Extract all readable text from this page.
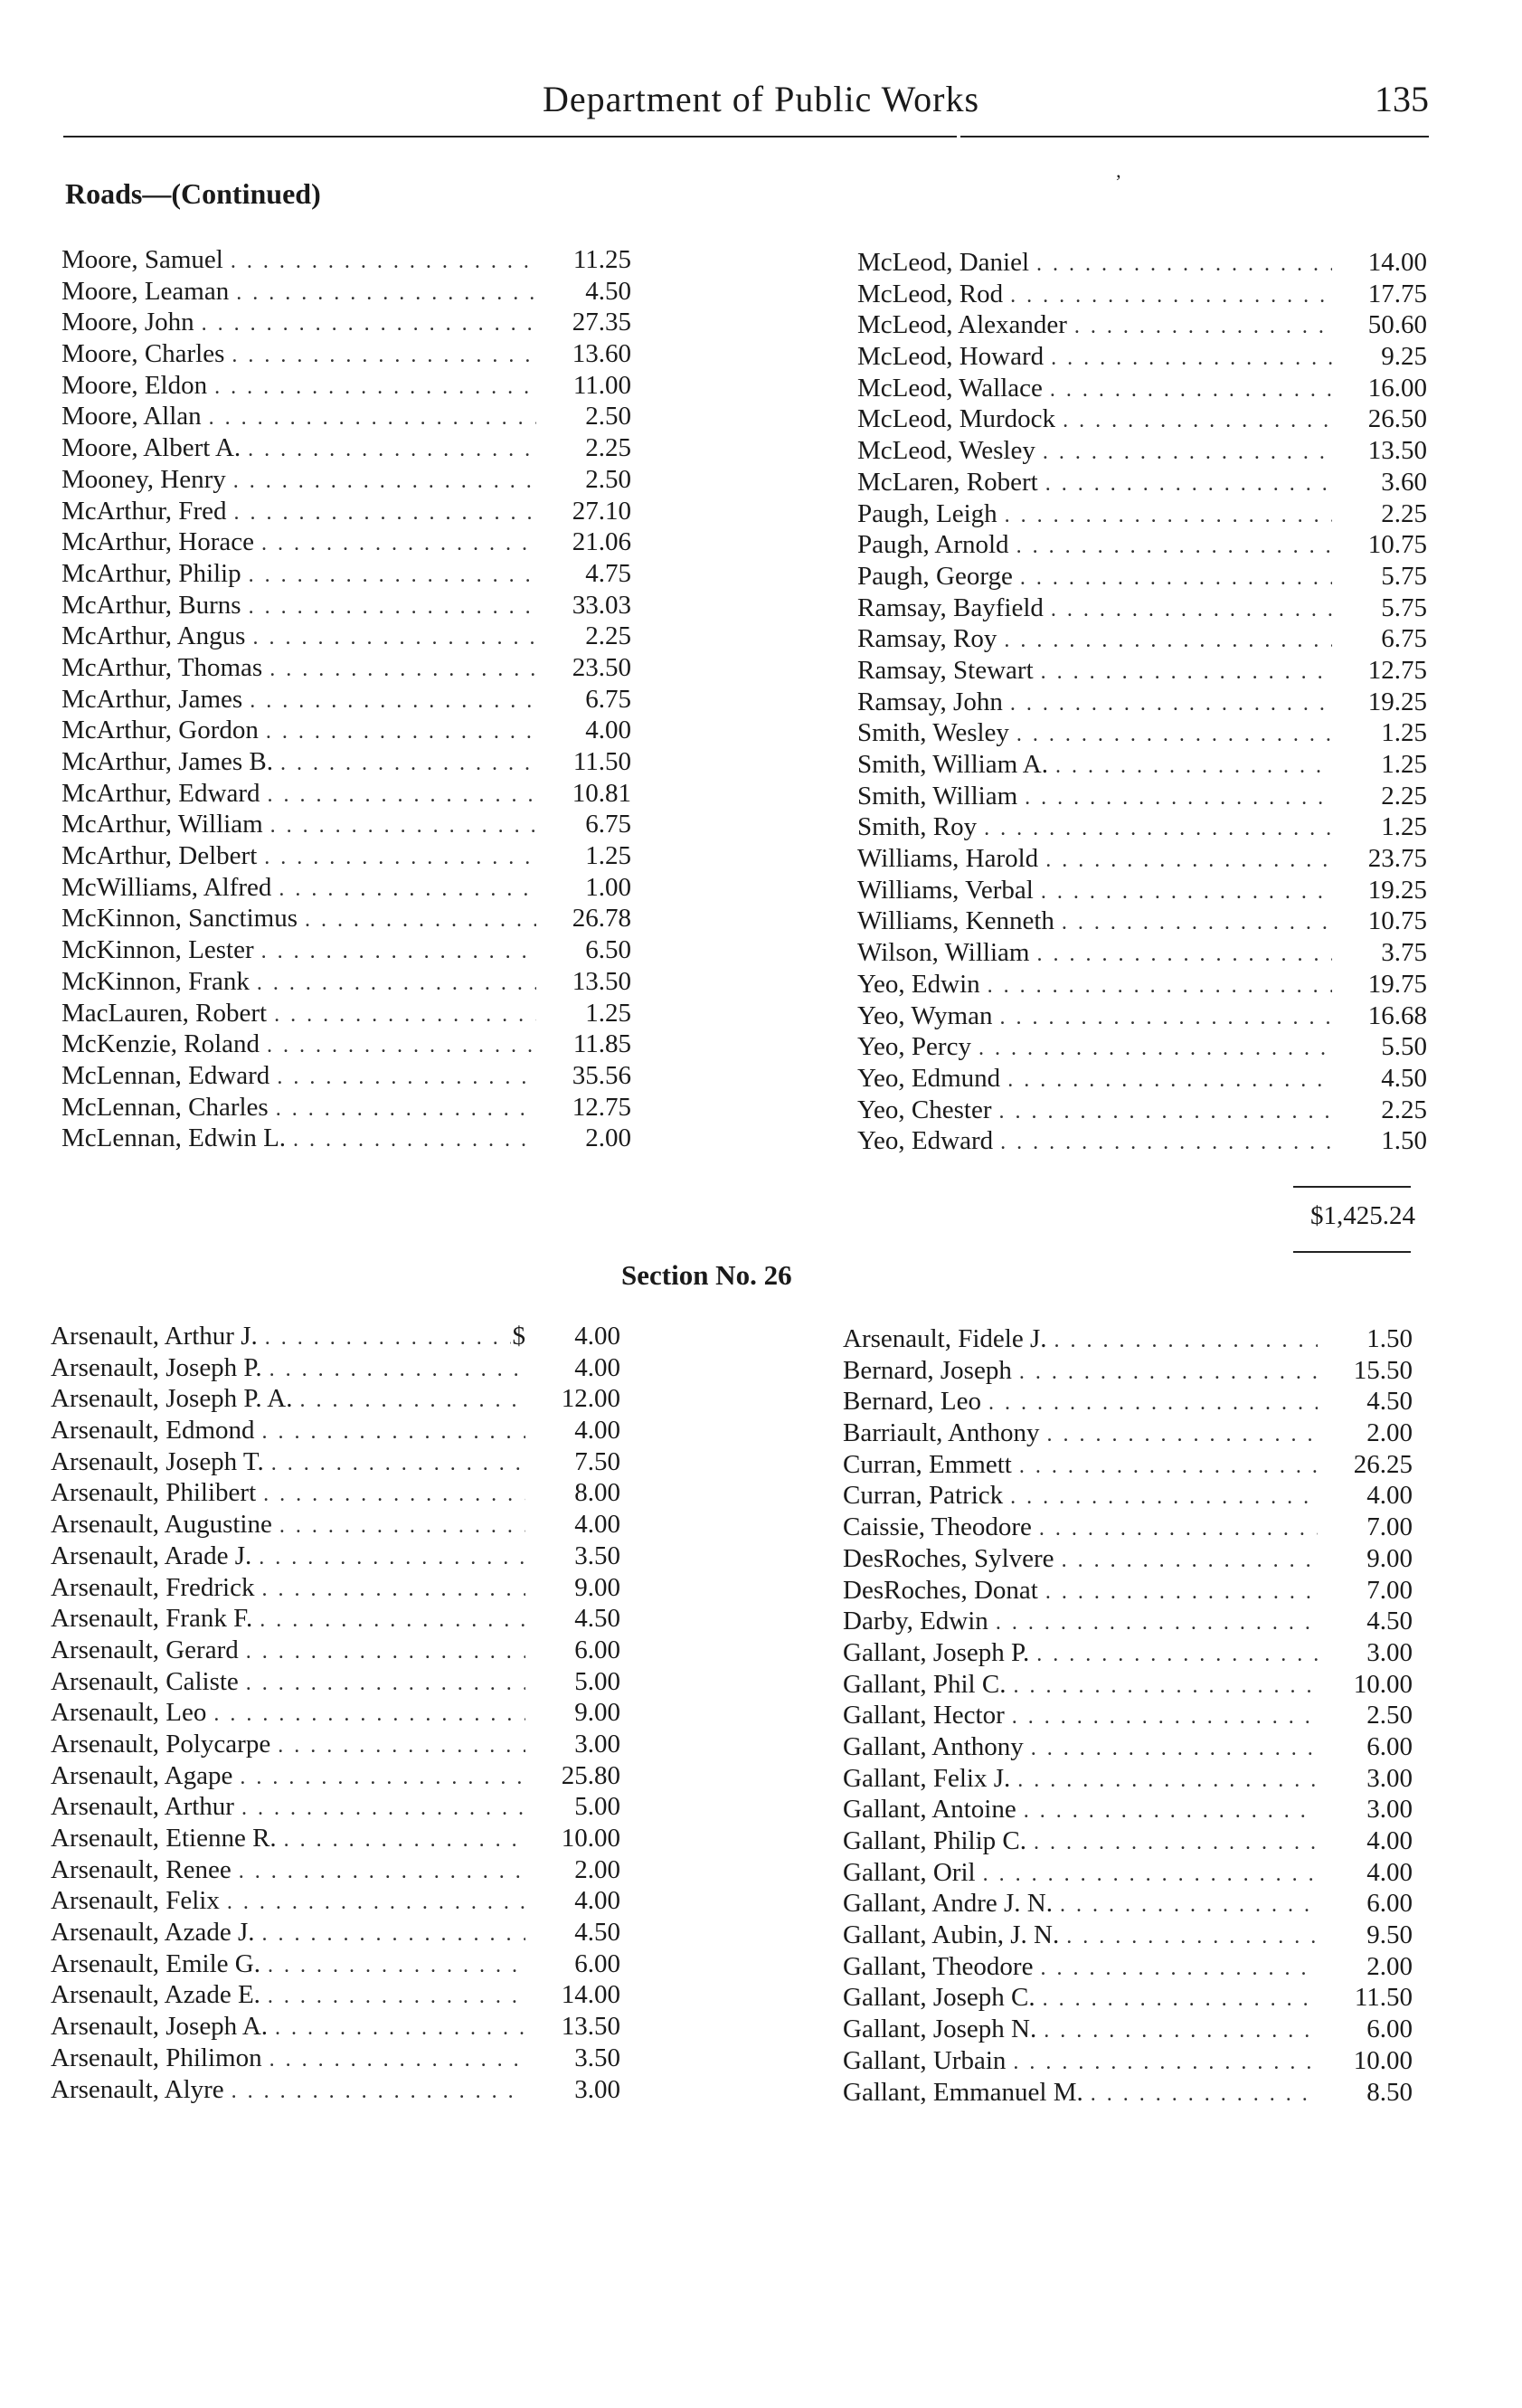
Department of Public Works	135
Roads—(Continued)	’
Moore, Samuel . . .	11.25
Moore, Leaman . . .	4.50
Moore, John . . .	27.35
Moore, Charles . . .	13.60
Moore, Eldon . . .	11.00
Moore, Allan . . .	2.50
Moore, Albert A. . . .	2.25
Mooney, Henry . . .	2.50
McArthur, Fred . . .	27.10
McArthur, Horace . . .	21.06
McArthur, Philip . . .	4.75
McArthur, Burns . . .	33.03
McArthur, Angus . . .	2.25
McArthur, Thomas . . .	23.50
McArthur, James . . .	6.75
McArthur, Gordon . . .	4.00
McArthur, James B. . . .	11.50
McArthur, Edward . . .	10.81
McArthur, William . . .	6.75
McArthur, Delbert . . .	1.25
McWilliams, Alfred . . .	1.00
McKinnon, Sanctimus . . .	26.78
McKinnon, Lester . . .	6.50
McKinnon, Frank . . .	13.50
MacLauren, Robert . . .	1.25
McKenzie, Roland . . .	11.85
McLennan, Edward . . .	35.56
McLennan, Charles . . .	12.75
McLennan, Edwin L. . . .	2.00
McLeod, Daniel . . .	14.00
McLeod, Rod . . .	17.75
McLeod, Alexander . . .	50.60
McLeod, Howard . . .	9.25
McLeod, Wallace . . .	16.00
McLeod, Murdock . . .	26.50
McLeod, Wesley . . .	13.50
McLaren, Robert . . .	3.60
Paugh, Leigh . . .	2.25
Paugh, Arnold . . .	10.75
Paugh, George . . .	5.75
Ramsay, Bayfield . . .	5.75
Ramsay, Roy . . .	6.75
Ramsay, Stewart . . .	12.75
Ramsay, John . . .	19.25
Smith, Wesley . . .	1.25
Smith, William A. . . .	1.25
Smith, William . . .	2.25
Smith, Roy . . .	1.25
Williams, Harold . . .	23.75
Williams, Verbal . . .	19.25
Williams, Kenneth . . .	10.75
Wilson, William . . .	3.75
Yeo, Edwin . . .	19.75
Yeo, Wyman . . .	16.68
Yeo, Percy . . .	5.50
Yeo, Edmund . . .	4.50
Yeo, Chester . . .	2.25
Yeo, Edward . . .	1.50
$1,425.24
Section No. 26
Arsenault, Arthur J. . . .	$	4.00
Arsenault, Joseph P. . . .	4.00
Arsenault, Joseph P. A. . . .	12.00
Arsenault, Edmond . . .	4.00
Arsenault, Joseph T. . . .	7.50
Arsenault, Philibert . . .	8.00
Arsenault, Augustine . . .	4.00
Arsenault, Arade J. . . .	3.50
Arsenault, Fredrick . . .	9.00
Arsenault, Frank F. . . .	4.50
Arsenault, Gerard . . .	6.00
Arsenault, Caliste . . .	5.00
Arsenault, Leo . . .	9.00
Arsenault, Polycarpe . . .	3.00
Arsenault, Agape . . .	25.80
Arsenault, Arthur . . .	5.00
Arsenault, Etienne R. . . .	10.00
Arsenault, Renee . . .	2.00
Arsenault, Felix . . .	4.00
Arsenault, Azade J. . . .	4.50
Arsenault, Emile G. . . .	6.00
Arsenault, Azade E. . . .	14.00
Arsenault, Joseph A. . . .	13.50
Arsenault, Philimon . . .	3.50
Arsenault, Alyre . . .	3.00
Arsenault, Fidele J. . . .	1.50
Bernard, Joseph . . .	15.50
Bernard, Leo . . .	4.50
Barriault, Anthony . . .	2.00
Curran, Emmett . . .	26.25
Curran, Patrick . . .	4.00
Caissie, Theodore . . .	7.00
DesRoches, Sylvere . . .	9.00
DesRoches, Donat . . .	7.00
Darby, Edwin . . .	4.50
Gallant, Joseph P. . . .	3.00
Gallant, Phil C. . . .	10.00
Gallant, Hector . . .	2.50
Gallant, Anthony . . .	6.00
Gallant, Felix J. . . .	3.00
Gallant, Antoine . . .	3.00
Gallant, Philip C. . . .	4.00
Gallant, Oril . . .	4.00
Gallant, Andre J. N. . . .	6.00
Gallant, Aubin, J. N. . . .	9.50
Gallant, Theodore . . .	2.00
Gallant, Joseph C. . . .	11.50
Gallant, Joseph N. . . .	6.00
Gallant, Urbain . . .	10.00
Gallant, Emmanuel M. . . .	8.50
